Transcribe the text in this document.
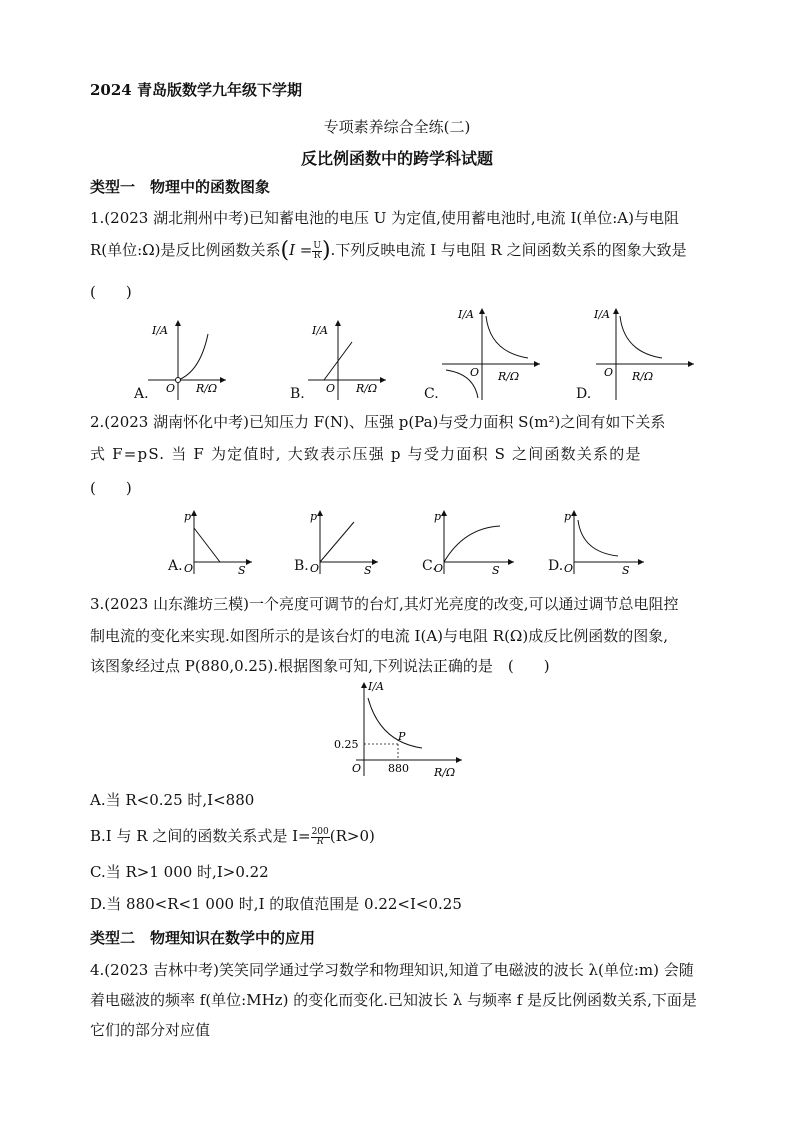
2024 青岛版数学九年级下学期
专项素养综合全练(二)
反比例函数中的跨学科试题
类型一　物理中的函数图象
1.(2023 湖北荆州中考)已知蓄电池的电压 U 为定值,使用蓄电池时,电流 I(单位:A)与电阻
R(单位:Ω)是反比例函数关系($I = \frac{U}{R}$ ).下列反映电流 I 与电阻 R 之间函数关系的图象大致是
(　　)
I/A
O R/Ω
A.
I/A
O R/Ω
B.
I/A
O R/Ω
C.
I/A
O R/Ω
D.
2.(2023 湖南怀化中考)已知压力 F(N)、压强 p(Pa)与受力面积 S(m²)之间有如下关系
式 F=pS. 当 F 为定值时, 大致表示压强 p 与受力面积 S 之间函数关系的是
(　　)
p
O	S
A.
p
O	S
B.
p
O	S
C.
p
O	S
D.
3.(2023 山东潍坊三模)一个亮度可调节的台灯,其灯光亮度的改变,可以通过调节总电阻控
制电流的变化来实现.如图所示的是该台灯的电流 I(A)与电阻 R(Ω)成反比例函数的图象,
该图象经过点 P(880,0.25).根据图象可知,下列说法正确的是　(　　)
I/A
0.25
P
O 880 R/Ω
A.当 R<0.25 时,I<880
B.I 与 R 之间的函数关系式是 $I= \frac{200}{R} (R>0)$
C.当 R>1 000 时,I>0.22
D.当 880<R<1 000 时,I 的取值范围是 0.22<I<0.25
类型二　物理知识在数学中的应用
4.(2023 吉林中考)笑笑同学通过学习数学和物理知识,知道了电磁波的波长 λ(单位:m) 会随
着电磁波的频率 f(单位:MHz) 的变化而变化.已知波长 λ 与频率 f 是反比例函数关系,下面是
它们的部分对应值
